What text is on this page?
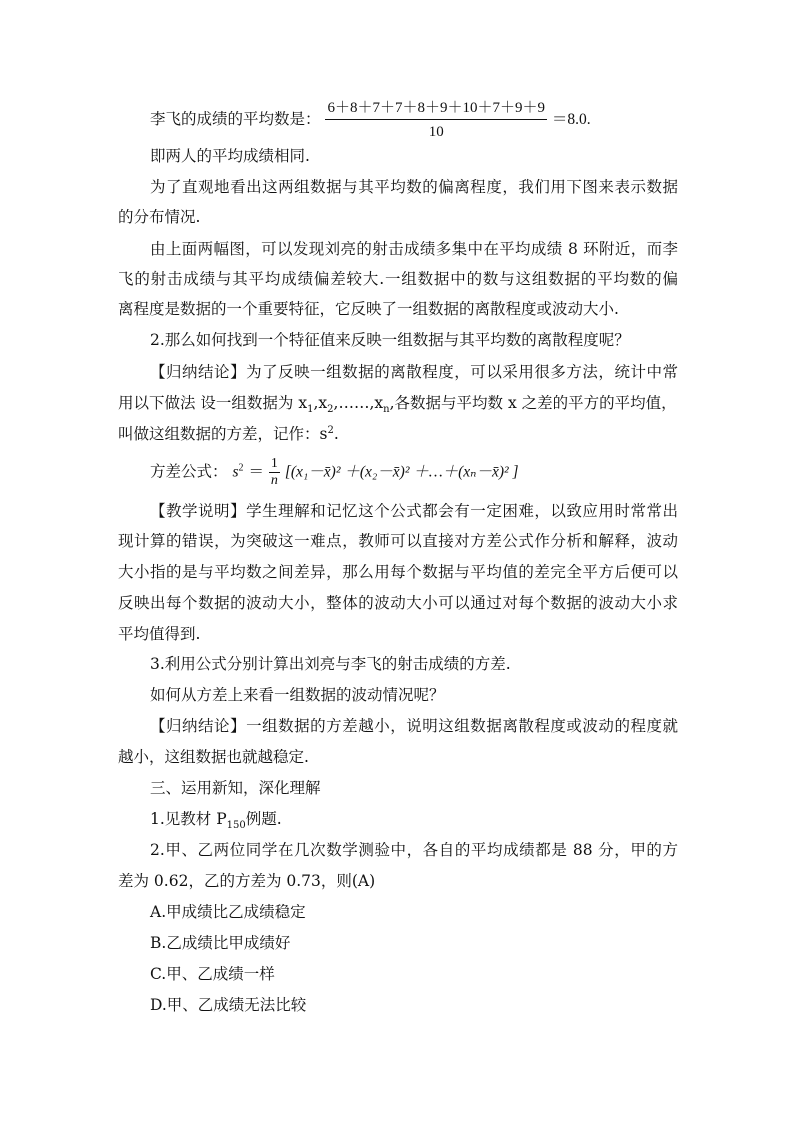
李飞的成绩的平均数是： $\frac{6+8+7+7+8+9+10+7+9+9}{10} =8.0$.
即两人的平均成绩相同.
为了直观地看出这两组数据与其平均数的偏离程度，我们用下图来表示数据
的分布情况.
由上面两幅图，可以发现刘亮的射击成绩多集中在平均成绩 8 环附近，而李
飞的射击成绩与其平均成绩偏差较大.一组数据中的数与这组数据的平均数的偏
离程度是数据的一个重要特征，它反映了一组数据的离散程度或波动大小.
2.那么如何找到一个特征值来反映一组数据与其平均数的离散程度呢？
【归纳结论】为了反映一组数据的离散程度，可以采用很多方法，统计中常
用以下做法 设一组数据为 $x_1,x_2,\dots\dots,x_n$,各数据与平均数 x 之差的平方的平均值，
叫做这组数据的方差，记作：$s^2$.
方差公式： $s^2 = \frac{1}{n}$ [(x₁－x̄)² ＋(x₂－x̄)² ＋…＋(xₙ－x̄)² ]
【教学说明】学生理解和记忆这个公式都会有一定困难，以致应用时常常出
现计算的错误，为突破这一难点，教师可以直接对方差公式作分析和解释，波动
大小指的是与平均数之间差异，那么用每个数据与平均值的差完全平方后便可以
反映出每个数据的波动大小，整体的波动大小可以通过对每个数据的波动大小求
平均值得到.
3.利用公式分别计算出刘亮与李飞的射击成绩的方差.
如何从方差上来看一组数据的波动情况呢？
【归纳结论】一组数据的方差越小，说明这组数据离散程度或波动的程度就
越小，这组数据也就越稳定.
三、运用新知，深化理解
1.见教材 $P_{150}$例题.
2.甲、乙两位同学在几次数学测验中，各自的平均成绩都是 88 分，甲的方
差为 0.62，乙的方差为 0.73，则(A)
A.甲成绩比乙成绩稳定
B.乙成绩比甲成绩好
C.甲、乙成绩一样
D.甲、乙成绩无法比较
